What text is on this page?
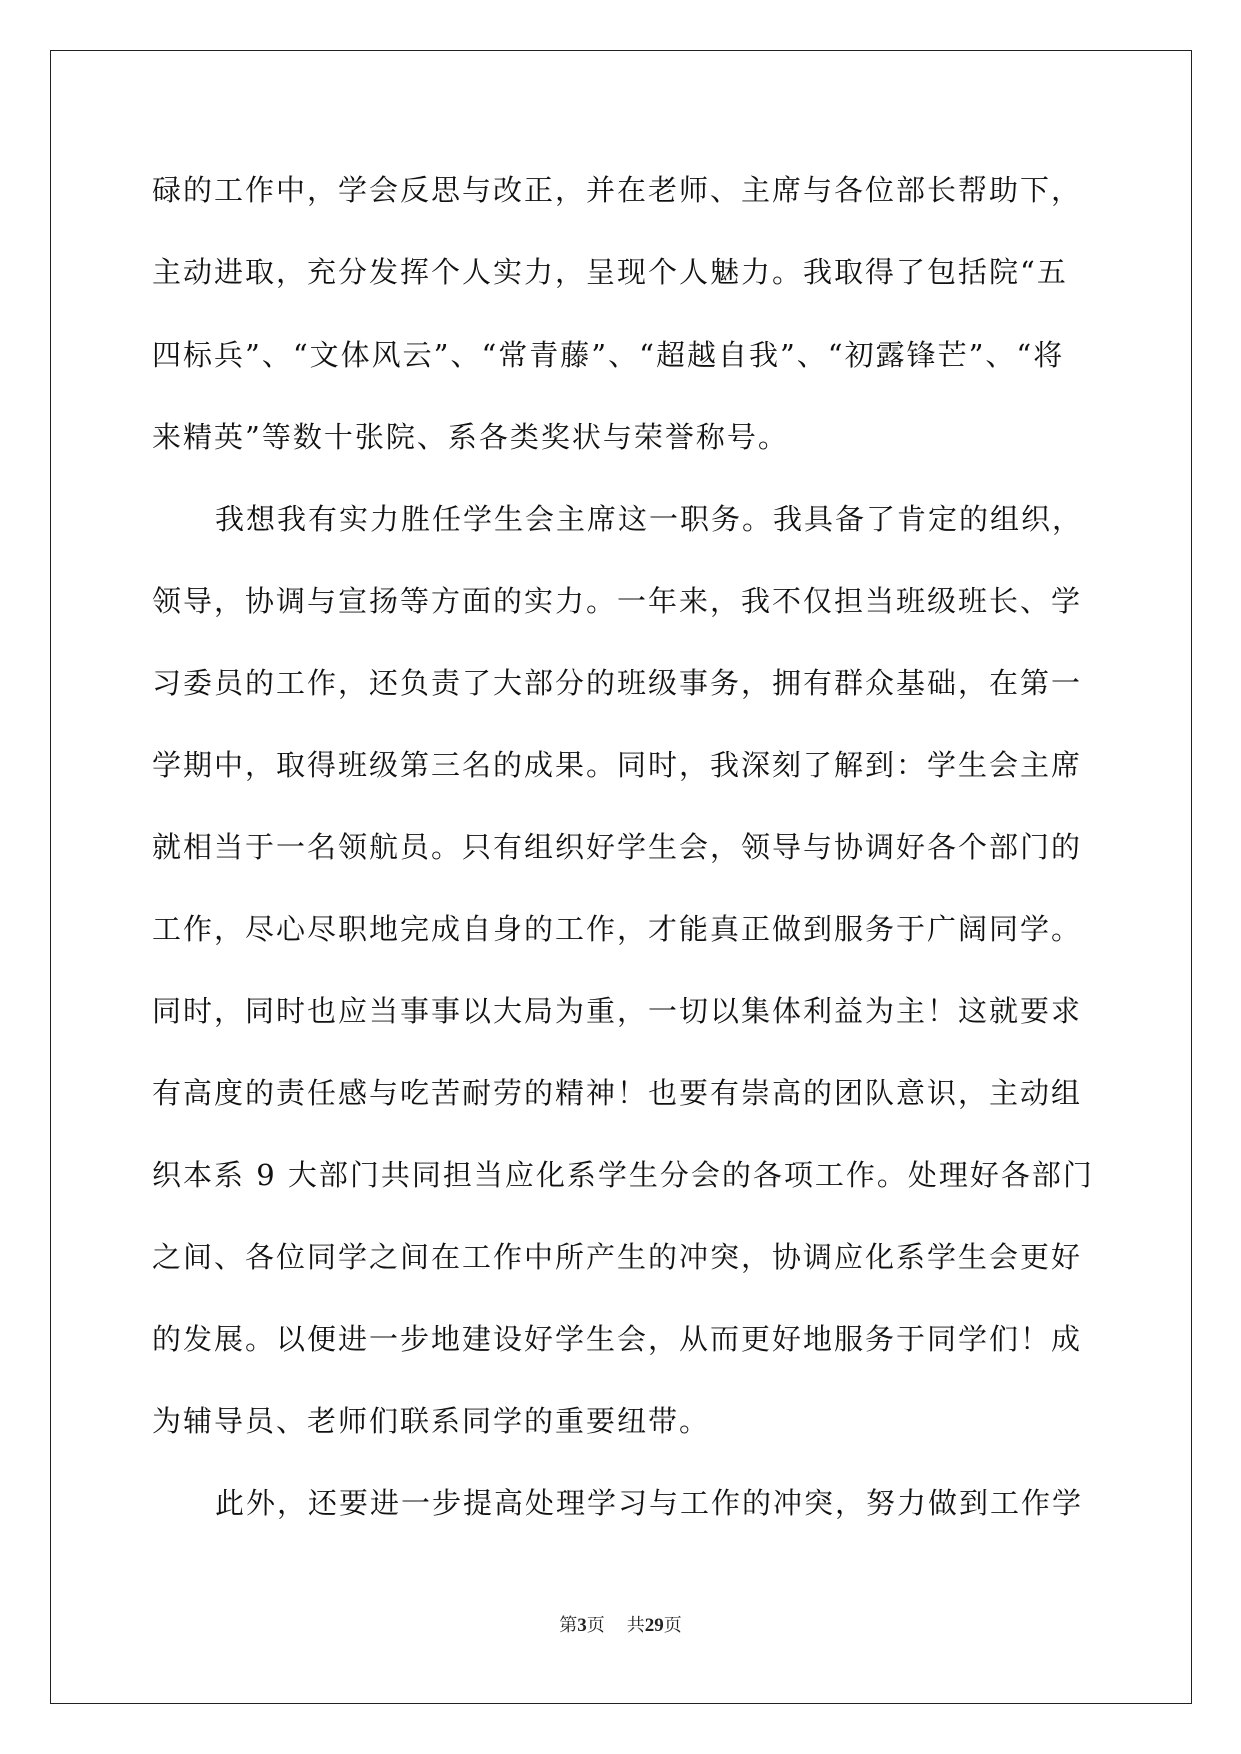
碌的工作中，学会反思与改正，并在老师、主席与各位部长帮助下，
主动进取，充分发挥个人实力，呈现个人魅力。我取得了包括院“五
四标兵”、“文体风云”、“常青藤”、“超越自我”、“初露锋芒”、“将
来精英”等数十张院、系各类奖状与荣誉称号。
我想我有实力胜任学生会主席这一职务。我具备了肯定的组织，
领导，协调与宣扬等方面的实力。一年来，我不仅担当班级班长、学
习委员的工作，还负责了大部分的班级事务，拥有群众基础，在第一
学期中，取得班级第三名的成果。同时，我深刻了解到：学生会主席
就相当于一名领航员。只有组织好学生会，领导与协调好各个部门的
工作，尽心尽职地完成自身的工作，才能真正做到服务于广阔同学。
同时，同时也应当事事以大局为重，一切以集体利益为主！这就要求
有高度的责任感与吃苦耐劳的精神！也要有崇高的团队意识，主动组
织本系 9 大部门共同担当应化系学生分会的各项工作。处理好各部门
之间、各位同学之间在工作中所产生的冲突，协调应化系学生会更好
的发展。以便进一步地建设好学生会，从而更好地服务于同学们！成
为辅导员、老师们联系同学的重要纽带。
此外，还要进一步提高处理学习与工作的冲突，努力做到工作学
第3页 共29页
